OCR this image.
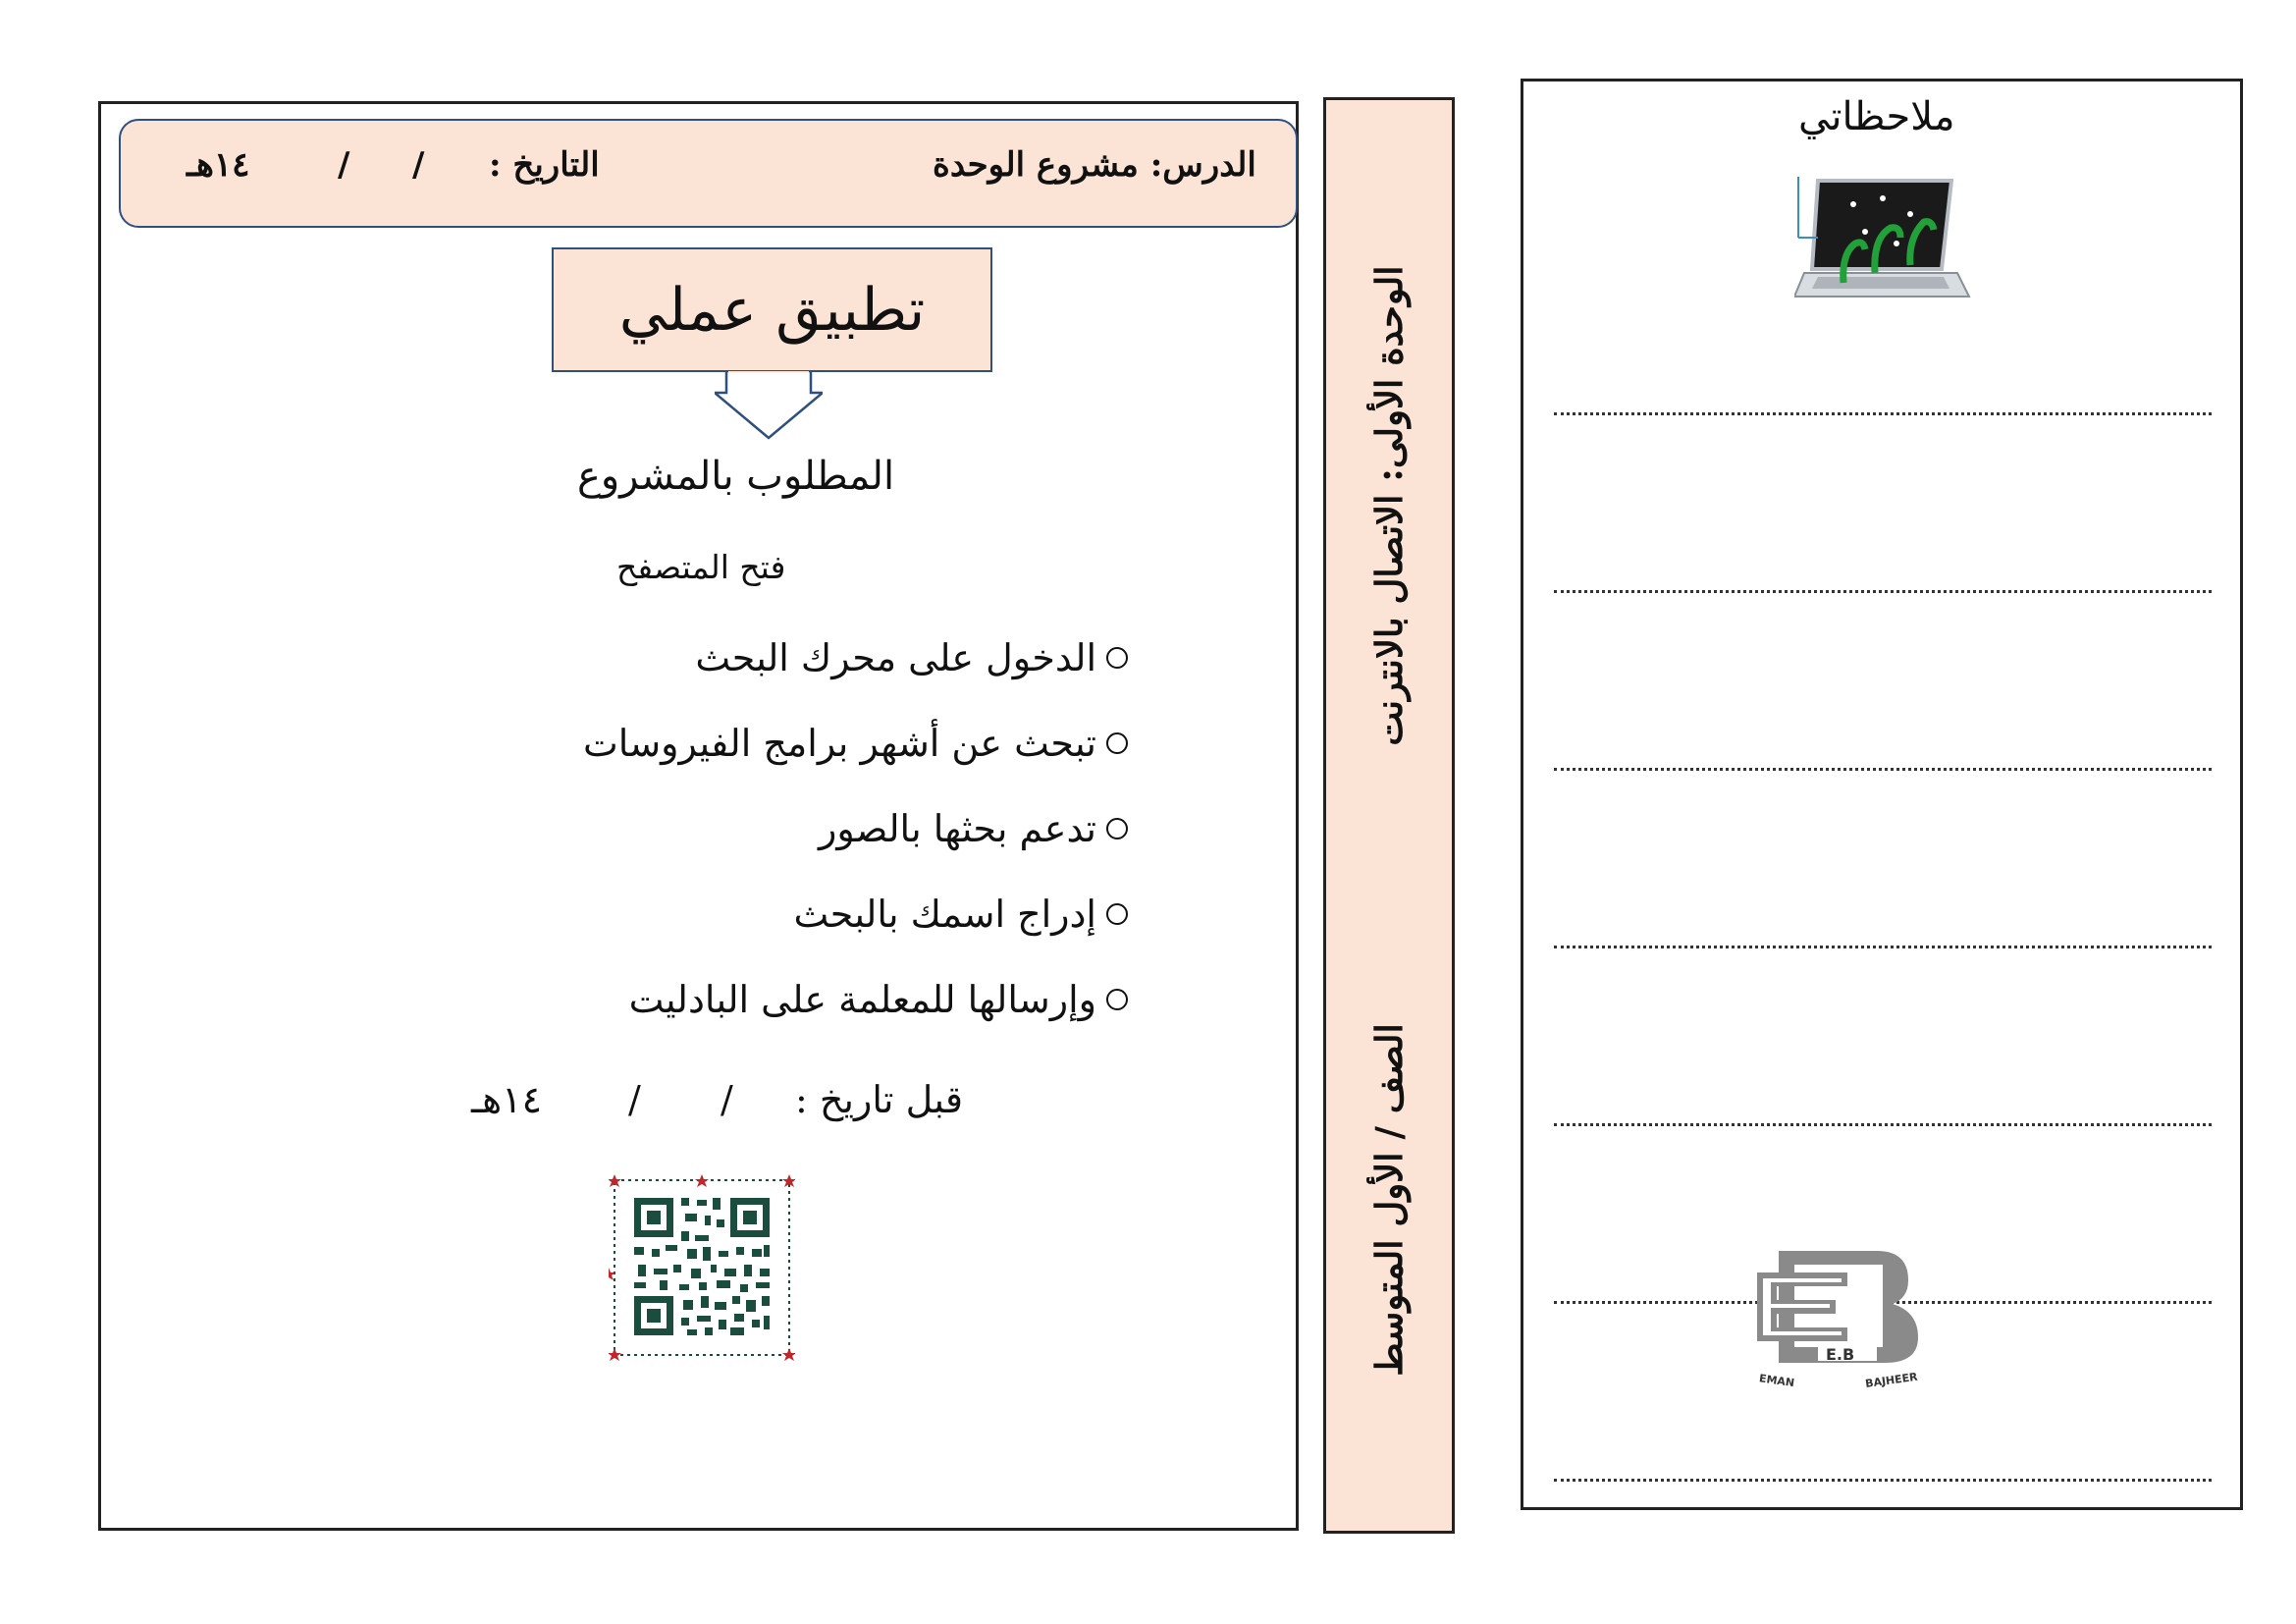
الدرس: مشروع الوحدة
التاريخ :
/
/
١٤هـ
تطبيق عملي
المطلوب بالمشروع
فتح المتصفح
الدخول على محرك البحث
تبحث عن أشهر برامج الفيروسات
تدعم بحثها بالصور
إدراج اسمك بالبحث
وإرسالها للمعلمة على البادليت
قبل تاريخ :
/
/
١٤هـ
الوحدة الأولى: الاتصال بالانترنت
الصف / الأول المتوسط
ملاحظاتي
E.B
EMAN	BAJHEER
